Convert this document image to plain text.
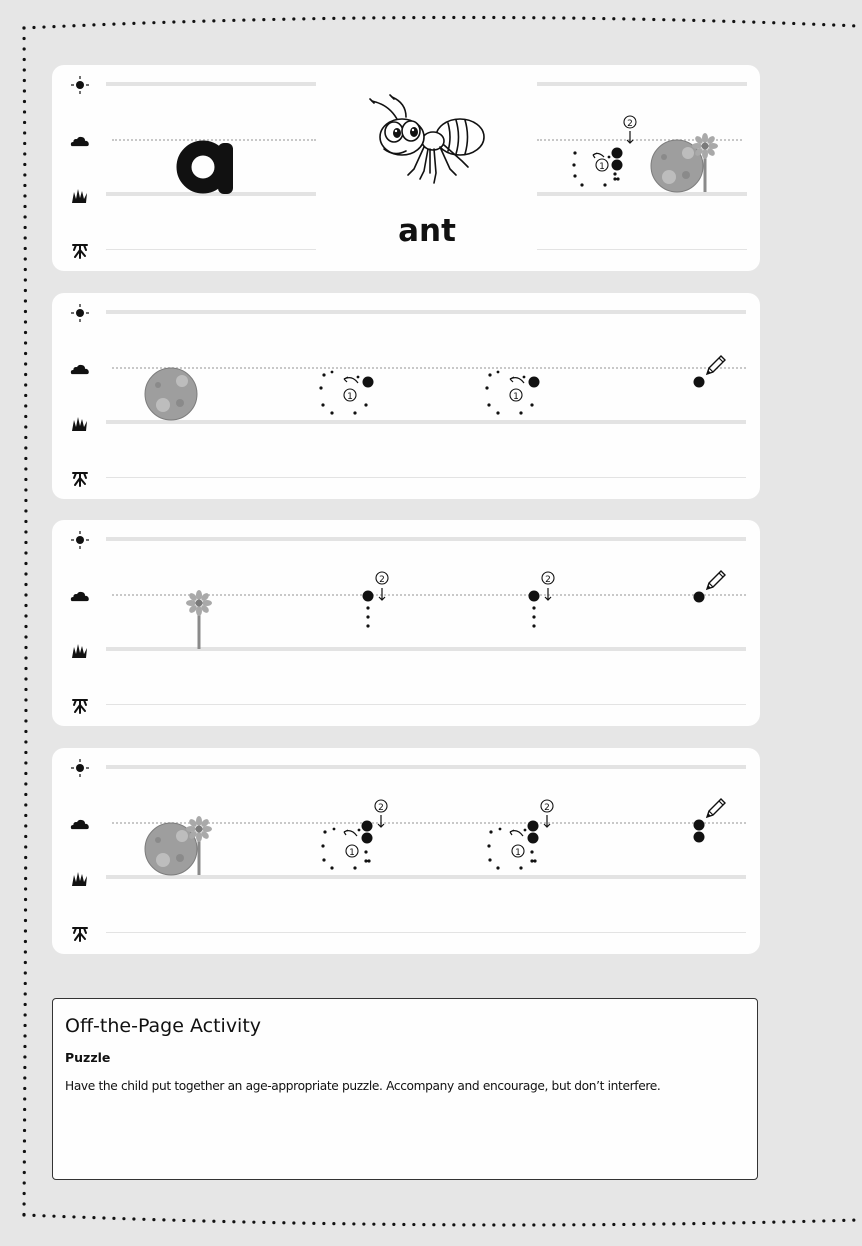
ant
1
2
1	1
2	2
1
2
1
2
Off-the-Page Activity
Puzzle
Have the child put together an age-appropriate puzzle. Accompany and encourage, but don’t interfere.
